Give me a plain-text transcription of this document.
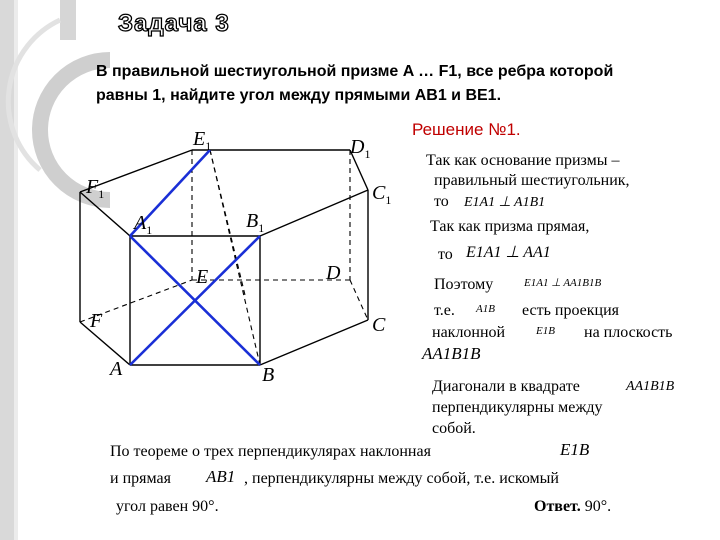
Задача 3
В правильной шестиугольной призме A … F1, все ребра которой
равны 1, найдите угол между прямыми AB1 и BE1.
Решение №1.
$E_1$	$D_1$
$F_1$	$C_1$
$A_1$	$B_1$
E	D
F	C
A	B
Так как основание призмы –
правильный шестиугольник,
то E1A1 ⊥ A1B1
Так как призма прямая,
то E1A1 ⊥ AA1
Поэтому	E1A1 ⊥ AA1B1B
т.е. A1B есть проекция
наклонной	E1B на плоскость
AA1B1B
Диагонали в квадрате	AA1B1B
перпендикулярны между
собой.
По теореме о трех перпендикулярах наклонная	E1B
и прямая AB1 , перпендикулярны между собой, т.е. искомый
угол равен 90°.	Ответ. 90°.
